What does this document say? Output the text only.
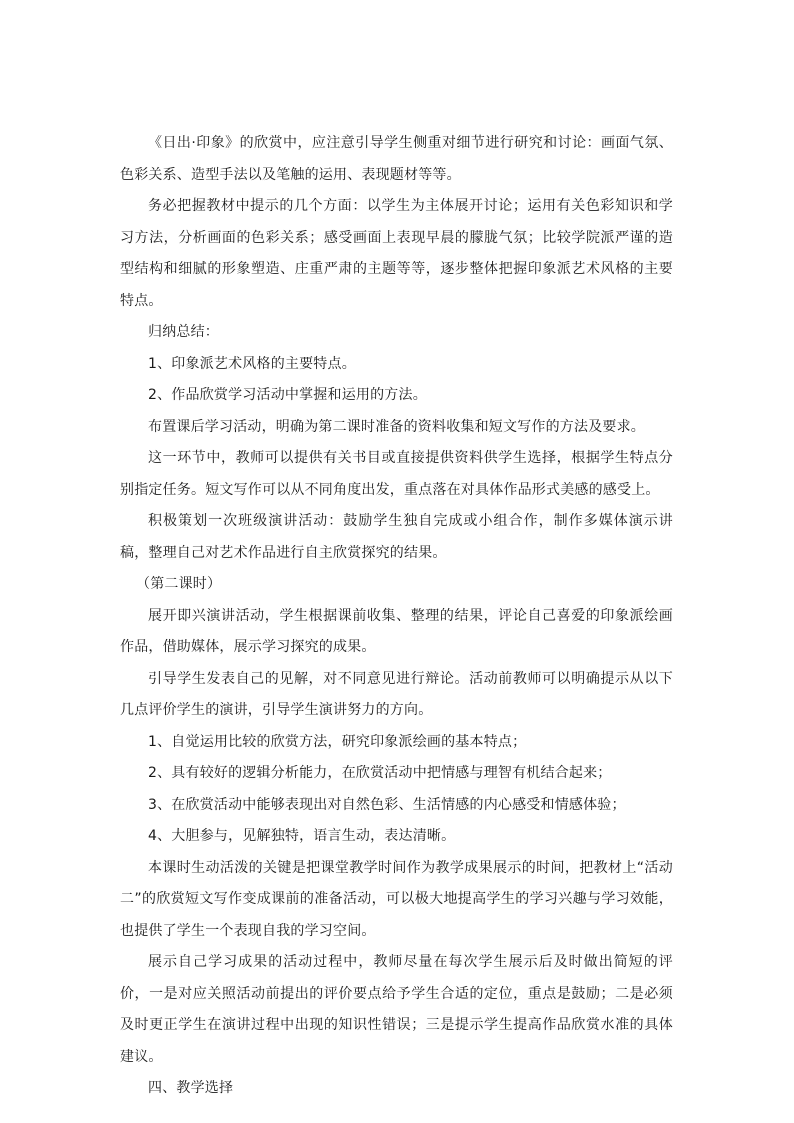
《日出·印象》的欣赏中，应注意引导学生侧重对细节进行研究和讨论：画面气氛、色彩关系、造型手法以及笔触的运用、表现题材等等。

务必把握教材中提示的几个方面：以学生为主体展开讨论；运用有关色彩知识和学习方法，分析画面的色彩关系；感受画面上表现早晨的朦胧气氛；比较学院派严谨的造型结构和细腻的形象塑造、庄重严肃的主题等等，逐步整体把握印象派艺术风格的主要特点。

归纳总结：

1、印象派艺术风格的主要特点。

2、作品欣赏学习活动中掌握和运用的方法。

布置课后学习活动，明确为第二课时准备的资料收集和短文写作的方法及要求。

这一环节中，教师可以提供有关书目或直接提供资料供学生选择，根据学生特点分别指定任务。短文写作可以从不同角度出发，重点落在对具体作品形式美感的感受上。

积极策划一次班级演讲活动：鼓励学生独自完成或小组合作，制作多媒体演示讲稿，整理自己对艺术作品进行自主欣赏探究的结果。

（第二课时）

展开即兴演讲活动，学生根据课前收集、整理的结果，评论自己喜爱的印象派绘画作品，借助媒体，展示学习探究的成果。

引导学生发表自己的见解，对不同意见进行辩论。活动前教师可以明确提示从以下几点评价学生的演讲，引导学生演讲努力的方向。

1、自觉运用比较的欣赏方法，研究印象派绘画的基本特点；

2、具有较好的逻辑分析能力，在欣赏活动中把情感与理智有机结合起来；

3、在欣赏活动中能够表现出对自然色彩、生活情感的内心感受和情感体验；

4、大胆参与，见解独特，语言生动，表达清晰。

本课时生动活泼的关键是把课堂教学时间作为教学成果展示的时间，把教材上“活动二”的欣赏短文写作变成课前的准备活动，可以极大地提高学生的学习兴趣与学习效能，也提供了学生一个表现自我的学习空间。

展示自己学习成果的活动过程中，教师尽量在每次学生展示后及时做出简短的评价，一是对应关照活动前提出的评价要点给予学生合适的定位，重点是鼓励；二是必须及时更正学生在演讲过程中出现的知识性错误；三是提示学生提高作品欣赏水准的具体建议。

四、教学选择
